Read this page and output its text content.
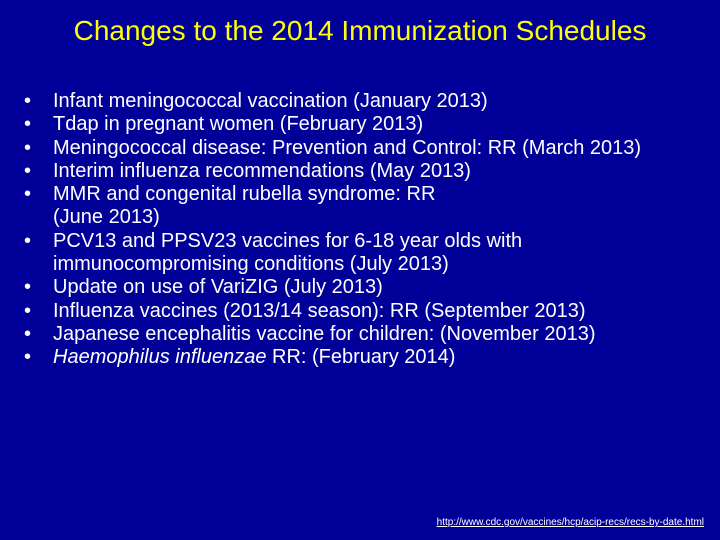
Changes to the 2014 Immunization Schedules
• Infant meningococcal vaccination (January 2013)
• Tdap in pregnant women (February 2013)
• Meningococcal disease: Prevention and Control: RR (March 2013)
• Interim influenza recommendations (May 2013)
• MMR and congenital rubella syndrome: RR
(June 2013)
• PCV13 and PPSV23 vaccines for 6-18 year olds with immunocompromising conditions (July 2013)
• Update on use of VariZIG (July 2013)
• Influenza vaccines (2013/14 season): RR (September 2013)
• Japanese encephalitis vaccine for children: (November 2013)
• Haemophilus influenzae RR: (February 2014)
http://www.cdc.gov/vaccines/hcp/acip-recs/recs-by-date.html
